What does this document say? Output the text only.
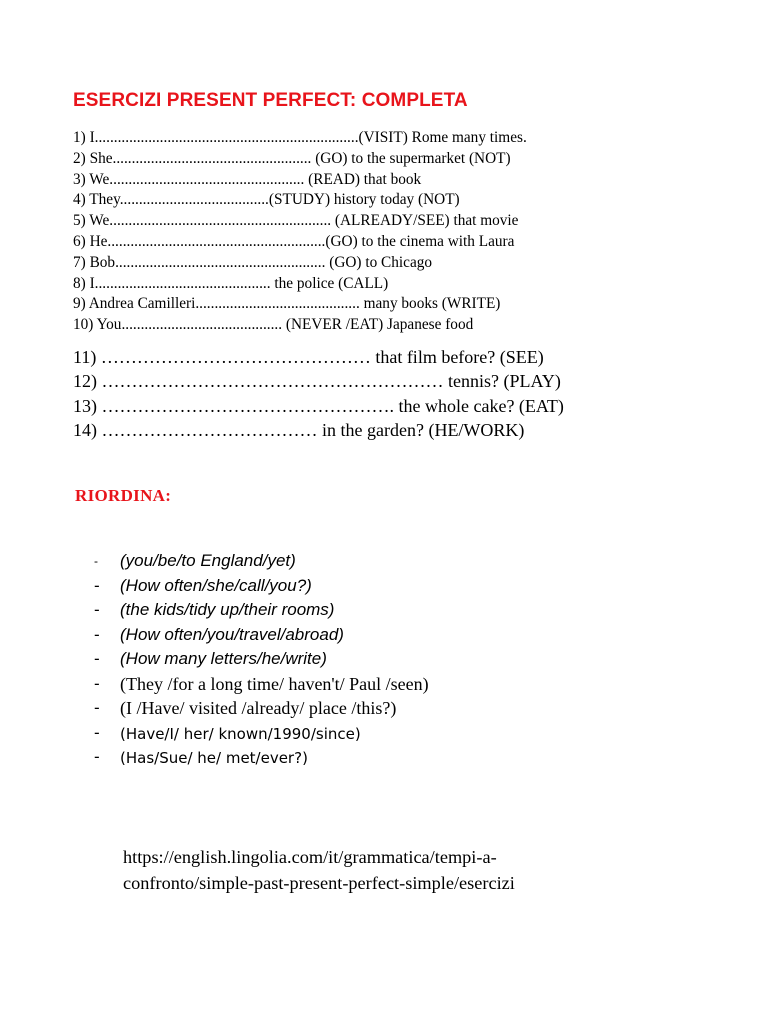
ESERCIZI PRESENT PERFECT: COMPLETA
1) I.....................................................................(VISIT) Rome many times.
2) She.................................................... (GO) to the supermarket (NOT)
3) We................................................... (READ) that book
4) They.......................................(STUDY) history today (NOT)
5) We.......................................................... (ALREADY/SEE) that movie
6) He.........................................................(GO) to the cinema with Laura
7) Bob....................................................... (GO) to Chicago
8) I.............................................. the police (CALL)
9) Andrea Camilleri........................................... many books (WRITE)
10) You.......................................... (NEVER /EAT) Japanese food
11) ……………………………………… that film before? (SEE)
12) ………………………………………………… tennis? (PLAY)
13) …………………………………………. the whole cake? (EAT)
14) ……………………………… in the garden? (HE/WORK)
RIORDINA:
- (you/be/to England/yet)
- (How often/she/call/you?)
- (the kids/tidy up/their rooms)
- (How often/you/travel/abroad)
- (How many letters/he/write)
- (They /for a long time/ haven't/ Paul /seen)
- (I /Have/ visited /already/ place /this?)
- (Have/I/ her/ known/1990/since)
- (Has/Sue/ he/ met/ever?)
https://english.lingolia.com/it/grammatica/tempi-a-
confronto/simple-past-present-perfect-simple/esercizi
